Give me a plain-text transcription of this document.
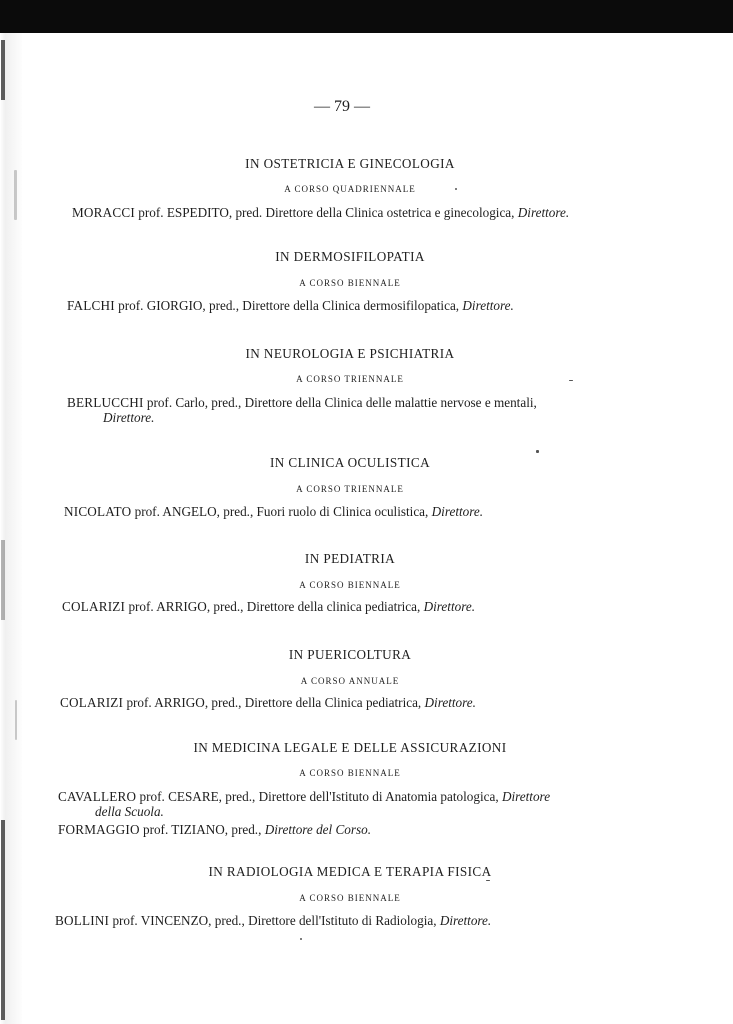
— 79 —
IN OSTETRICIA E GINECOLOGIA
A CORSO QUADRIENNALE
MORACCI prof. ESPEDITO, pred. Direttore della Clinica ostetrica e ginecologica, Direttore.
IN DERMOSIFILOPATIA
A CORSO BIENNALE
FALCHI prof. GIORGIO, pred., Direttore della Clinica dermosifilopatica, Direttore.
IN NEUROLOGIA E PSICHIATRIA
A CORSO TRIENNALE
BERLUCCHI prof. Carlo, pred., Direttore della Clinica delle malattie nervose e mentali,
Direttore.
IN CLINICA OCULISTICA
A CORSO TRIENNALE
NICOLATO prof. ANGELO, pred., Fuori ruolo di Clinica oculistica, Direttore.
IN PEDIATRIA
A CORSO BIENNALE
COLARIZI prof. ARRIGO, pred., Direttore della clinica pediatrica, Direttore.
IN PUERICOLTURA
A CORSO ANNUALE
COLARIZI prof. ARRIGO, pred., Direttore della Clinica pediatrica, Direttore.
IN MEDICINA LEGALE E DELLE ASSICURAZIONI
A CORSO BIENNALE
CAVALLERO prof. CESARE, pred., Direttore dell'Istituto di Anatomia patologica, Direttore
della Scuola.
FORMAGGIO prof. TIZIANO, pred., Direttore del Corso.
IN RADIOLOGIA MEDICA E TERAPIA FISICA
A CORSO BIENNALE
BOLLINI prof. VINCENZO, pred., Direttore dell'Istituto di Radiologia, Direttore.
